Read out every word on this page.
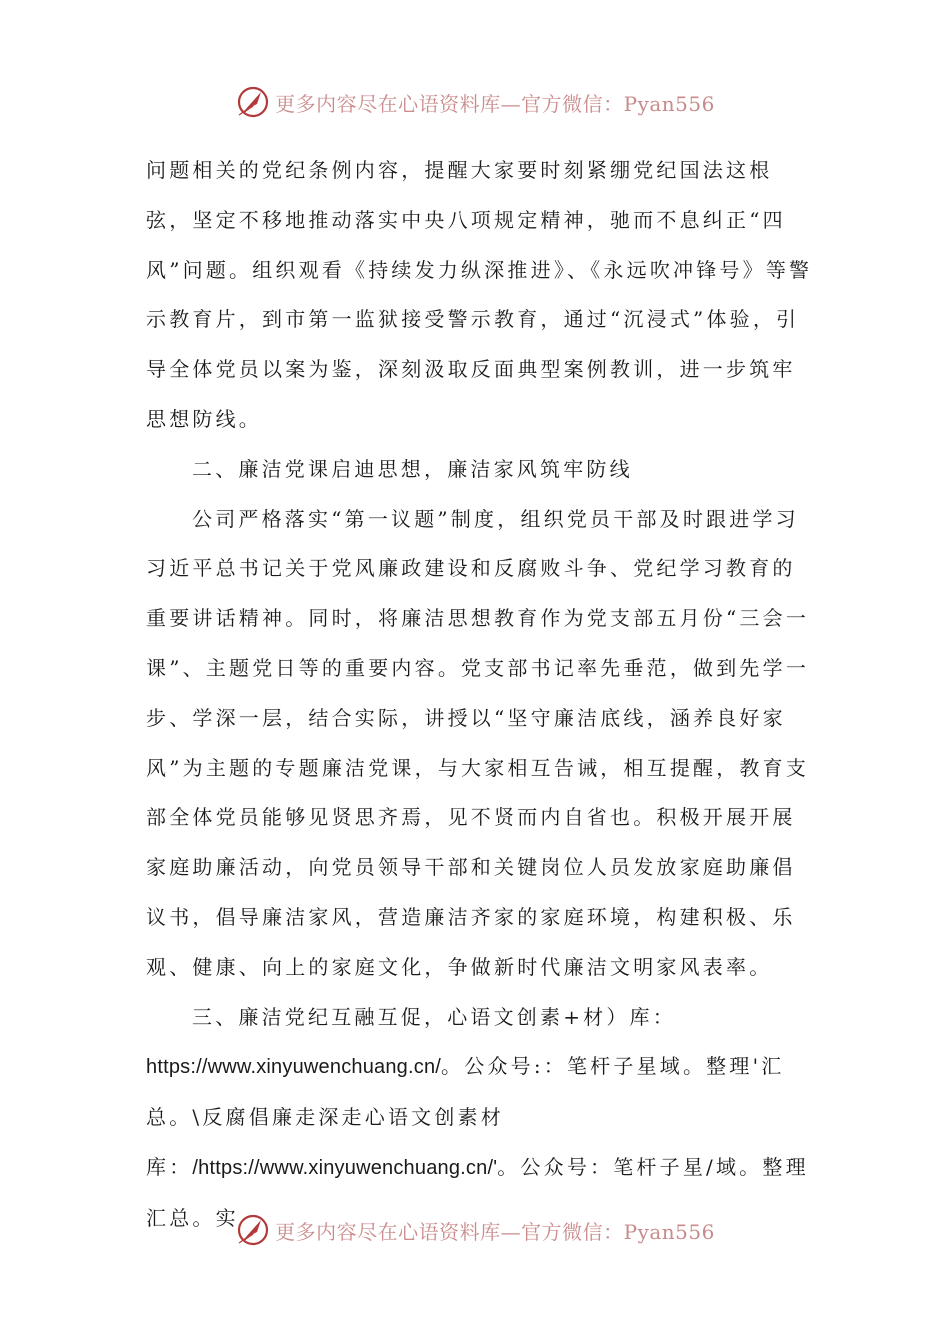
更多内容尽在心语资料库— 官方微信：Pyan556

问题相关的党纪条例内容，提醒大家要时刻紧绷党纪国法这根弦，坚定不移地推动落实中央八项规定精神，驰而不息纠正“四风”问题。组织观看《持续发力纵深推进》、《永远吹冲锋号》等警示教育片，到市第一监狱接受警示教育，通过“沉浸式”体验，引导全体党员以案为鉴，深刻汲取反面典型案例教训，进一步筑牢思想防线。

二、廉洁党课启迪思想，廉洁家风筑牢防线

公司严格落实“第一议题”制度，组织党员干部及时跟进学习习近平总书记关于党风廉政建设和反腐败斗争、党纪学习教育的重要讲话精神。同时，将廉洁思想教育作为党支部五月份“三会一课”、主题党日等的重要内容。党支部书记率先垂范，做到先学一步、学深一层，结合实际，讲授以“坚守廉洁底线，涵养良好家风”为主题的专题廉洁党课，与大家相互告诫，相互提醒，教育支部全体党员能够见贤思齐焉，见不贤而内自省也。积极开展开展家庭助廉活动，向党员领导干部和关键岗位人员发放家庭助廉倡议书，倡导廉洁家风，营造廉洁齐家的家庭环境，构建积极、乐观、健康、向上的家庭文化，争做新时代廉洁文明家风表率。

三、廉洁党纪互融互促，心语文创素+材）库：https://www.xinyuwenchuang.cn/。公众号:：笔杆子星域。整理'汇总。\反腐倡廉走深走心语文创素材库：/https://www.xinyuwenchuang.cn/'。公众号：笔杆子星/域。整理汇总。实

更多内容尽在心语资料库— 官方微信：Pyan556
